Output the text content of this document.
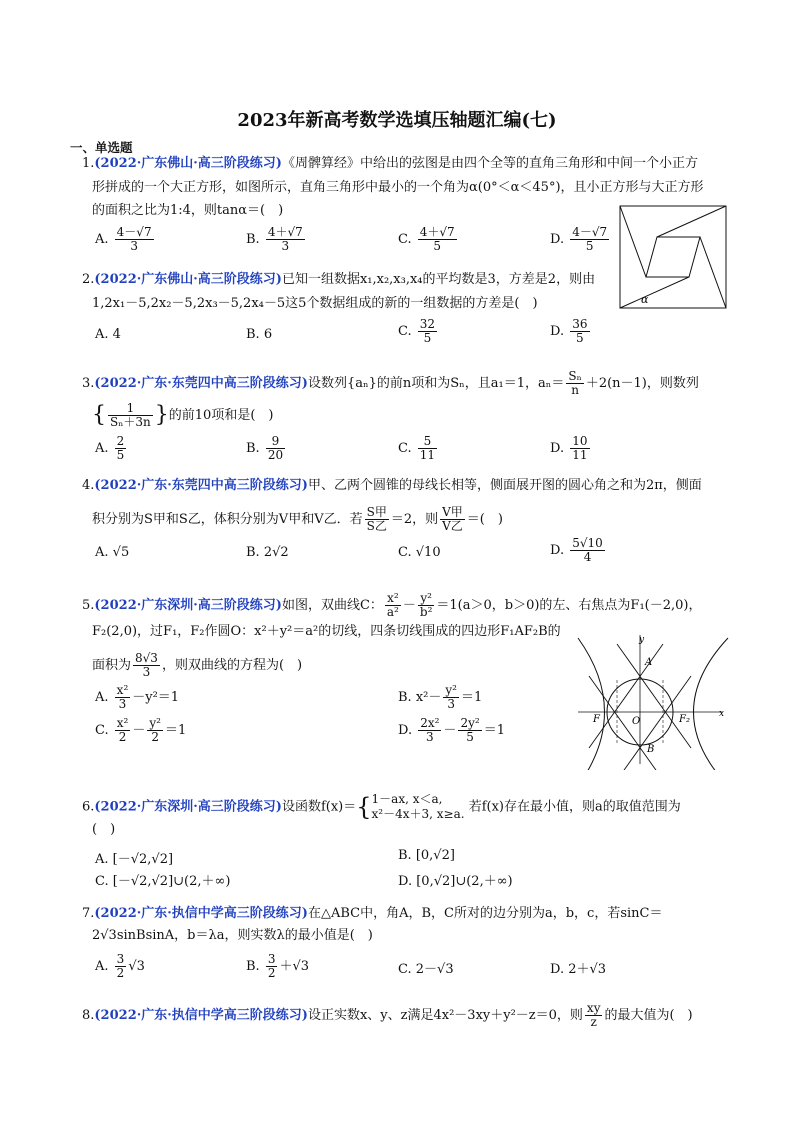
2023年新高考数学选填压轴题汇编(七)
一、单选题
1.(2022·广东佛山·高三阶段练习)《周髀算经》中给出的弦图是由四个全等的直角三角形和中间一个小正方
形拼成的一个大正方形，如图所示，直角三角形中最小的一个角为α(0°＜α＜45°)，且小正方形与大正方形
的面积之比为1:4，则tanα＝(　)
A. $\frac{4-√7}{3}$	B. $\frac{4+√7}{3}$	C. $\frac{4+√7}{5}$	D. $\frac{4-√7}{5}$
α
2.(2022·广东佛山·高三阶段练习)已知一组数据x₁,x₂,x₃,x₄的平均数是3，方差是2，则由
1,2x₁－5,2x₂－5,2x₃－5,2x₄－5这5个数据组成的新的一组数据的方差是(　)
A. 4	B. 6	C. $\frac{32}{5}$	D. $\frac{36}{5}$
3.(2022·广东·东莞四中高三阶段练习)设数列{aₙ}的前n项和为Sₙ，且a₁＝1，$a_n= \frac{\text{Sₙ}}{n} +2(n-1)$，则数列
{ $\frac{1}{\text{Sₙ＋3n}}$ }的前10项和是(　)
A. $\frac{2}{5}$	B. $\frac{9}{20}$	C. $\frac{5}{11}$	D. $\frac{10}{11}$
4.(2022·广东·东莞四中高三阶段练习)甲、乙两个圆锥的母线长相等，侧面展开图的圆心角之和为2π，侧面
积分别为S甲和S乙，体积分别为V甲和V乙．若 $\frac{\text{S甲}}{\text{S乙}} =2$，则 $\frac{\text{V甲}}{\text{V乙}}$ ＝(　)
A. √5	B. 2√2	C. √10	D. $\frac{5√10}{4}$
5.(2022·广东深圳·高三阶段练习)如图，双曲线C： $\frac{\text{x²}}{\text{a²}} - \frac{\text{y²}}{\text{b²}} =1(a>0$，b＞0)的左、右焦点为F₁(－2,0)，
F₂(2,0)，过F₁，F₂作圆O：x²＋y²＝a²的切线，四条切线围成的四边形F₁AF₂B的
面积为 $\frac{8√3}{3}$ ，则双曲线的方程为(　)
A. $\frac{\text{x²}}{3} -y^2=1$	B. $x^2- \frac{\text{y²}}{3} =1$
C. $\frac{\text{x²}}{2} - \frac{\text{y²}}{2} =1$	D. $\frac{\text{2x²}}{3} - \frac{\text{2y²}}{5} =1$
y
x
A
B
O
F	F₂
6.(2022·广东深圳·高三阶段练习)设函数f(x)＝{ 1－ax, x＜a,
x²－4x＋3, x≥a. 若f(x)存在最小值，则a的取值范围为
(　)
A. [－√2,√2]	B. [0,√2]
C. [－√2,√2]∪(2,＋∞)	D. [0,√2]∪(2,＋∞)
7.(2022·广东·执信中学高三阶段练习)在△ABC中，角A，B，C所对的边分别为a，b，c，若sinC＝
2√3sinBsinA，b＝λa，则实数λ的最小值是(　)
A. $\frac{3}{2} √3$	B. $\frac{3}{2} +√3$	C. 2－√3	D. 2＋√3
8.(2022·广东·执信中学高三阶段练习)设正实数x、y、z满足4x²－3xy＋y²－z＝0，则 $\frac{xy}{z}$ 的最大值为(　)
